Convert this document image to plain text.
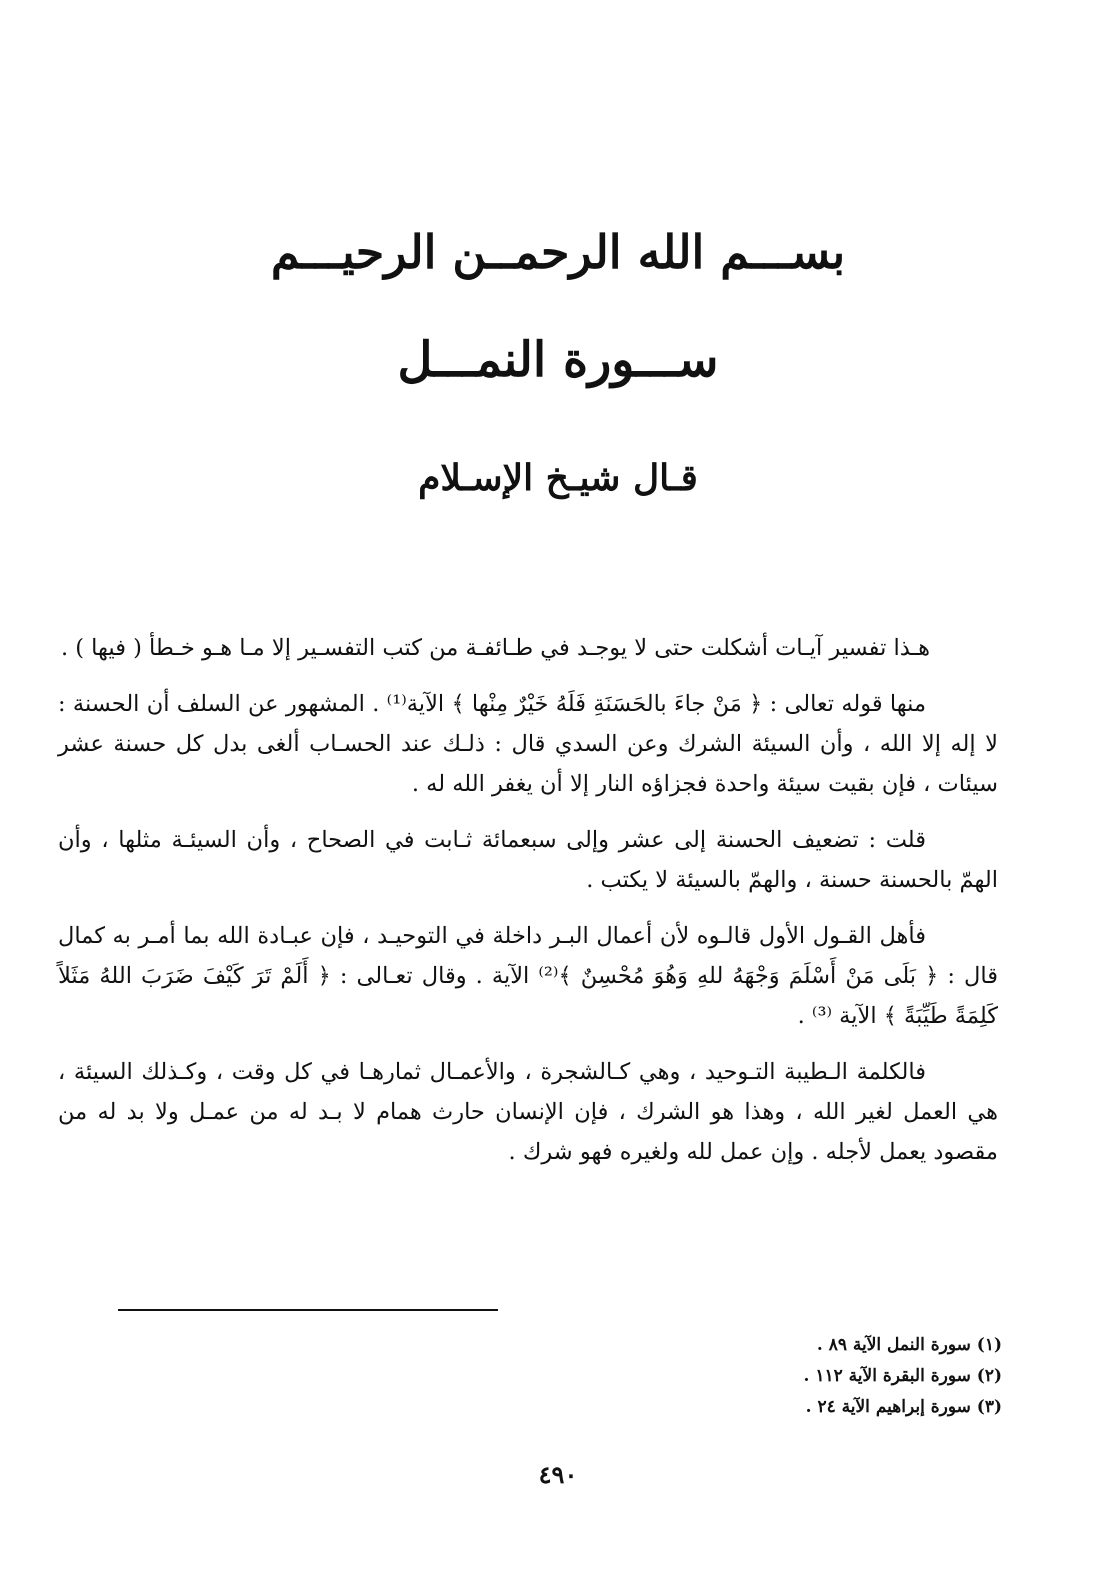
بســـم الله الرحمــن الرحيـــم
ســـورة النمـــل
قـال شيـخ الإسـلام

هـذا تفسير آيـات أشكلت حتى لا يوجـد في طـائفـة من كتب التفسـير إلا مـا هـو خـطأ ( فيها ) .

منها قوله تعالى : ﴿ مَنْ جاءَ بالحَسَنَةِ فَلَهُ خَيْرٌ مِنْها ﴾ الآية⁽¹⁾ . المشهور عن السلف أن الحسنة : لا إله إلا الله ، وأن السيئة الشرك وعن السدي قال : ذلـك عند الحسـاب ألغى بدل كل حسنة عشر سيئات ، فإن بقيت سيئة واحدة فجزاؤه النار إلا أن يغفر الله له .

قلت : تضعيف الحسنة إلى عشر وإلى سبعمائة ثـابت في الصحاح ، وأن السيئـة مثلها ، وأن الهمّ بالحسنة حسنة ، والهمّ بالسيئة لا يكتب .

فأهل القـول الأول قالـوه لأن أعمال البـر داخلة في التوحيـد ، فإن عبـادة الله بما أمـر به كمال قال : ﴿ بَلَى مَنْ أَسْلَمَ وَجْهَهُ للهِ وَهُوَ مُحْسِنٌ ﴾⁽²⁾ الآية . وقال تعـالى : ﴿ أَلَمْ تَرَ كَيْفَ ضَرَبَ اللهُ مَثَلاً كَلِمَةً طَيِّبَةً ﴾ الآية ⁽³⁾ .

فالكلمة الـطيبة التـوحيد ، وهي كـالشجرة ، والأعمـال ثمارهـا في كل وقت ، وكـذلك السيئة ، هي العمل لغير الله ، وهذا هو الشرك ، فإن الإنسان حارث همام لا بـد له من عمـل ولا بد له من مقصود يعمل لأجله . وإن عمل لله ولغيره فهو شرك .

(١) سورة النمل الآية ٨٩ .
(٢) سورة البقرة الآية ١١٢ .
(٣) سورة إبراهيم الآية ٢٤ .
٤٩٠
